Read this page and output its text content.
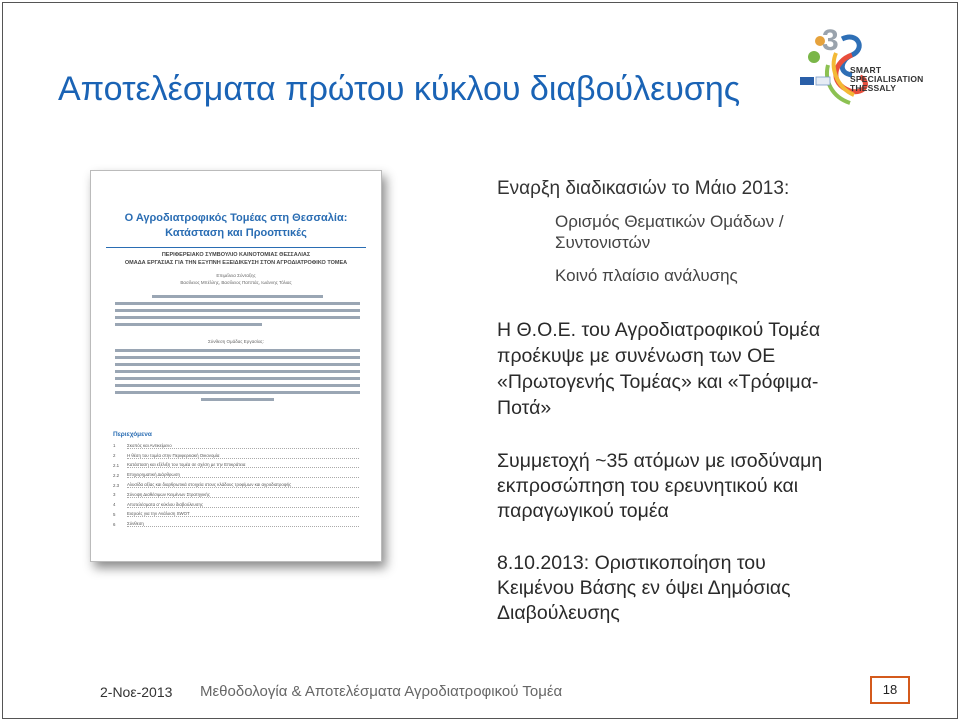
Αποτελέσματα πρώτου κύκλου διαβούλευσης
3
SMART
SPECIALISATION
THESSALY
Ο Αγροδιατροφικός Τομέας στη Θεσσαλία:
Κατάσταση και Προοπτικές
ΠΕΡΙΦΕΡΕΙΑΚΟ ΣΥΜΒΟΥΛΙΟ ΚΑΙΝΟΤΟΜΙΑΣ ΘΕΣΣΑΛΙΑΣ
ΟΜΑΔΑ ΕΡΓΑΣΙΑΣ ΓΙΑ ΤΗΝ ΕΞΥΠΝΗ ΕΞΕΙΔΙΚΕΥΣΗ ΣΤΟΝ ΑΓΡΟΔΙΑΤΡΟΦΙΚΟ ΤΟΜΕΑ
Επιμέλεια Σύνταξης
Βασίλειος Μπέλλης, Βασίλειος Παππάς, Ιωάννης Τόλιας
Σύνθεση Ομάδας Εργασίας:
Περιεχόμενα
1	Σκοπός και Αντικείμενο
2	Η θέση του τομέα στην Περιφερειακή Οικονομία
2.1	Κατάσταση και εξέλιξη του τομέα σε σχέση με την Επικράτεια
2.2	Επιχειρηματική Διάρθρωση
2.3	Αλυσίδα αξίας και διαρθρωτικά στοιχεία στους κλάδους τροφίμων και αγροδιατροφής
3	Σύνοψη Διαθέσιμων Κειμένων Στρατηγικής
4	Αποτελέσματα α' κύκλου διαβούλευσης
5	Εισροές για την Ανάλυση SWOT
6	Σύνθεση
Εναρξη διαδικασιών το Μάιο 2013:
Ορισμός Θεματικών Ομάδων /
Συντονιστών
Κοινό πλαίσιο ανάλυσης
Η Θ.Ο.Ε. του Αγροδιατροφικού Τομέα
προέκυψε με συνένωση των ΟΕ
«Πρωτογενής Τομέας» και «Τρόφιμα-
Ποτά»
Συμμετοχή ~35 ατόμων με ισοδύναμη
εκπροσώπηση του ερευνητικού και
παραγωγικού τομέα
8.10.2013: Οριστικοποίηση του
Κειμένου Βάσης εν όψει Δημόσιας
Διαβούλευσης
2-Νοε-2013 Μεθοδολογία & Αποτελέσματα Αγροδιατροφικού Τομέα	18
